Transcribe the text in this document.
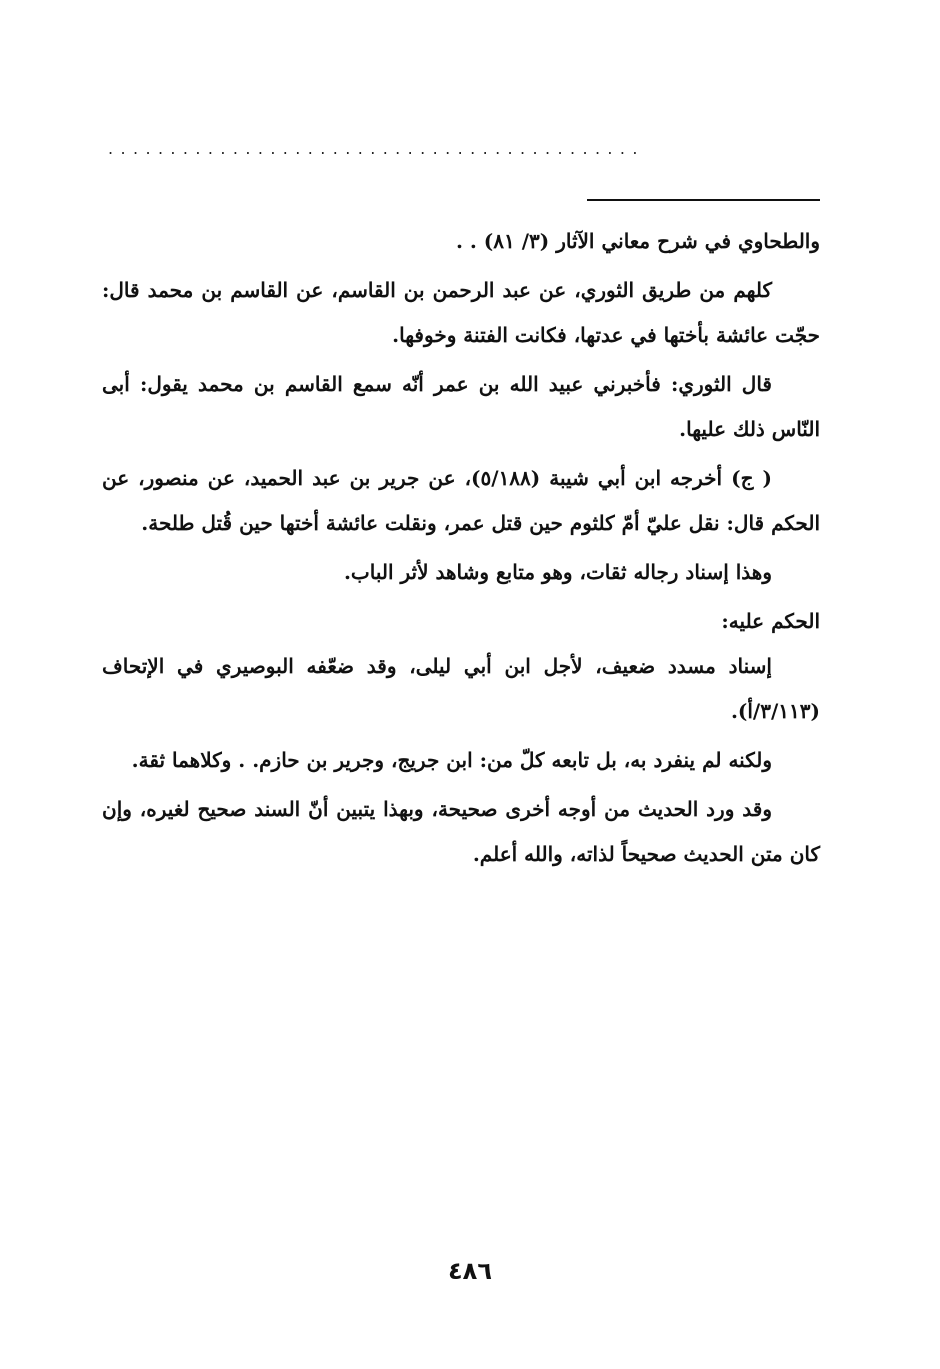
...........................................

والطحاوي في شرح معاني الآثار (٣/ ٨١) . .

كلهم من طريق الثوري، عن عبد الرحمن بن القاسم، عن القاسم بن محمد قال: حجّت عائشة بأختها في عدتها، فكانت الفتنة وخوفها.

قال الثوري: فأخبرني عبيد الله بن عمر أنّه سمع القاسم بن محمد يقول: أبى النّاس ذلك عليها.

( ج) أخرجه ابن أبي شيبة (٥/١٨٨)، عن جرير بن عبد الحميد، عن منصور، عن الحكم قال: نقل عليّ أمّ كلثوم حين قتل عمر، ونقلت عائشة أختها حين قُتل طلحة.

وهذا إسناد رجاله ثقات، وهو متابع وشاهد لأثر الباب.

الحكم عليه:

إسناد مسدد ضعيف، لأجل ابن أبي ليلى، وقد ضعّفه البوصيري في الإتحاف (٣/١١٣/أ).

ولكنه لم ينفرد به، بل تابعه كلّ من: ابن جريج، وجرير بن حازم. . وكلاهما ثقة.

وقد ورد الحديث من أوجه أخرى صحيحة، وبهذا يتبين أنّ السند صحيح لغيره، وإن كان متن الحديث صحيحاً لذاته، والله أعلم.

٤٨٦
